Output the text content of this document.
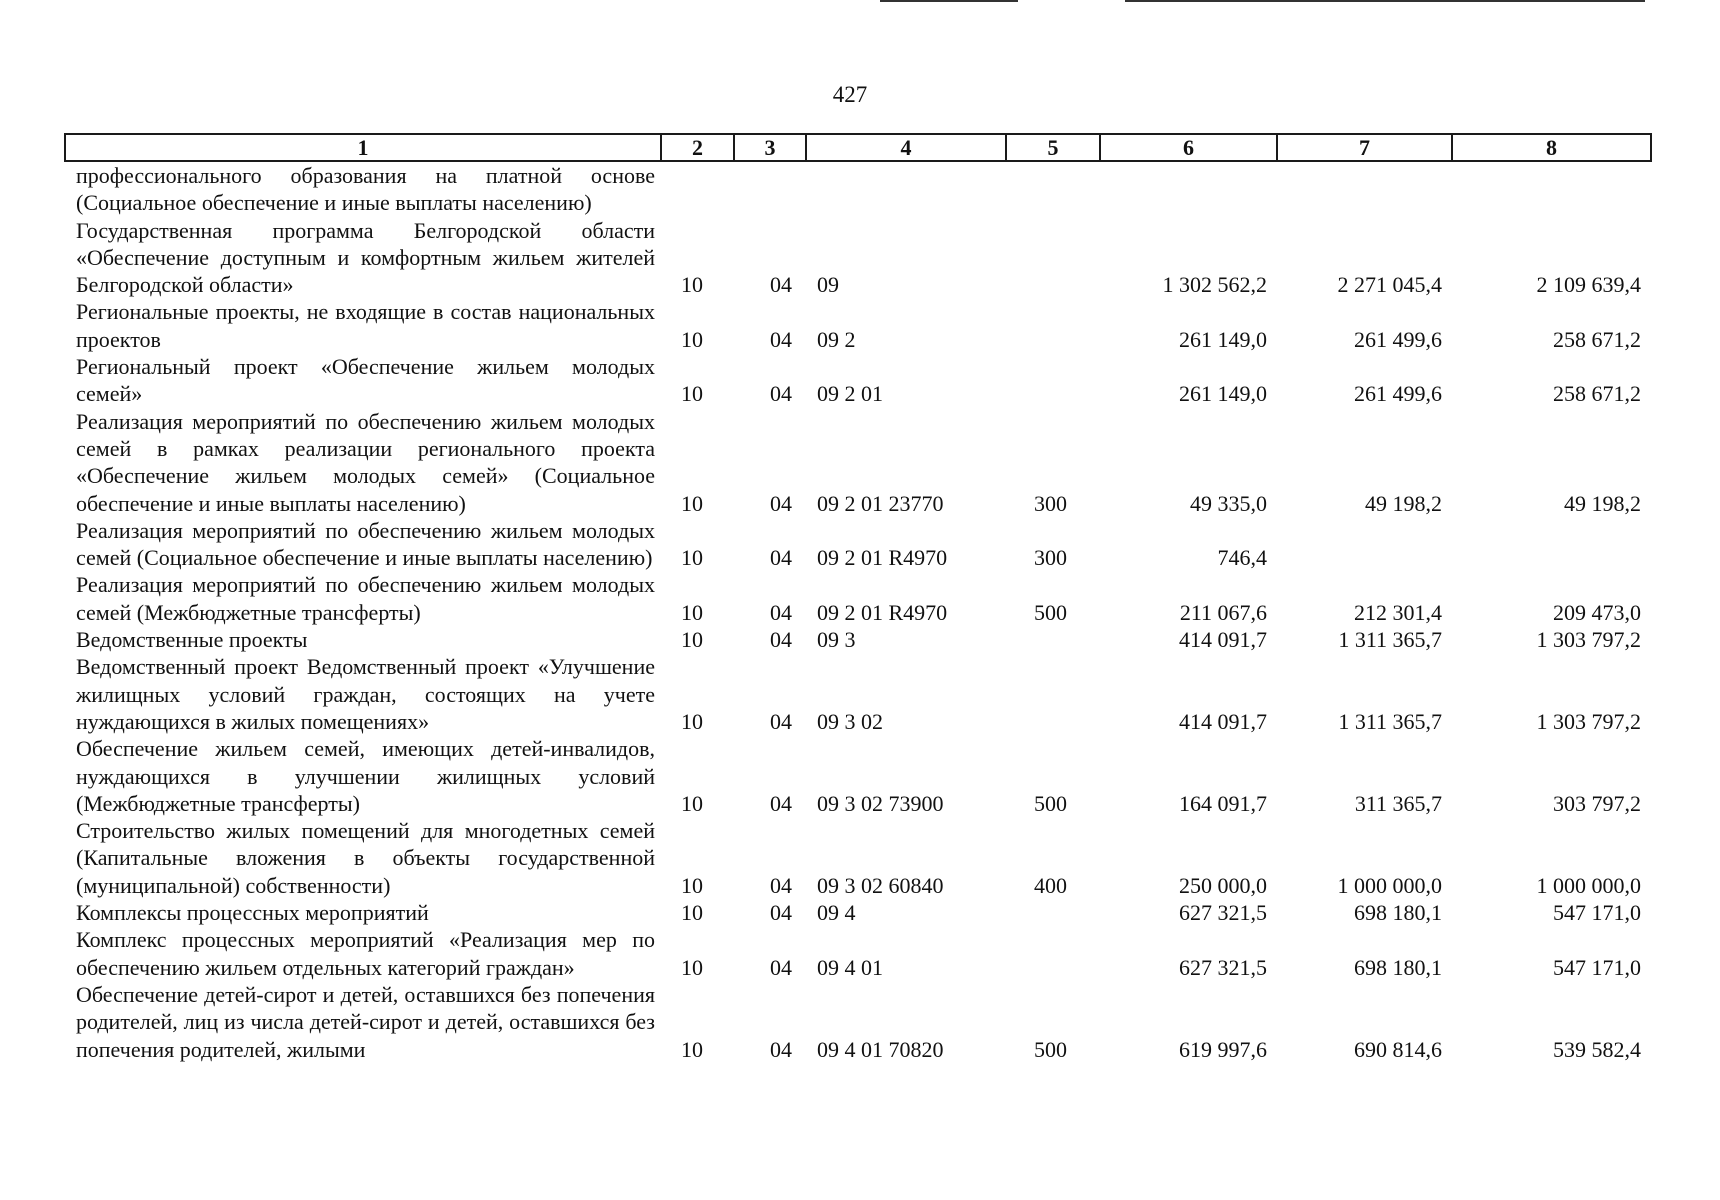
427
1	2	3	4	5	6	7	8
профессионального образования на платной основе (Социальное обеспечение и иные выплаты населению)							
Государственная программа Белгородской области «Обеспечение доступным и комфортным жильем жителей Белгородской области»	10	04	09		1 302 562,2	2 271 045,4	2 109 639,4
Региональные проекты, не входящие в состав национальных проектов	10	04	09 2		261 149,0	261 499,6	258 671,2
Региональный проект «Обеспечение жильем молодых семей»	10	04	09 2 01		261 149,0	261 499,6	258 671,2
Реализация мероприятий по обеспечению жильем молодых семей в рамках реализации регионального проекта «Обеспечение жильем молодых семей» (Социальное обеспечение и иные выплаты населению)	10	04	09 2 01 23770	300	49 335,0	49 198,2	49 198,2
Реализация мероприятий по обеспечению жильем молодых семей (Социальное обеспечение и иные выплаты населению)	10	04	09 2 01 R4970	300	746,4		
Реализация мероприятий по обеспечению жильем молодых семей (Межбюджетные трансферты)	10	04	09 2 01 R4970	500	211 067,6	212 301,4	209 473,0
Ведомственные проекты	10	04	09 3		414 091,7	1 311 365,7	1 303 797,2
Ведомственный проект Ведомственный проект «Улучшение жилищных условий граждан, состоящих на учете нуждающихся в жилых помещениях»	10	04	09 3 02		414 091,7	1 311 365,7	1 303 797,2
Обеспечение жильем семей, имеющих детей-инвалидов, нуждающихся в улучшении жилищных условий (Межбюджетные трансферты)	10	04	09 3 02 73900	500	164 091,7	311 365,7	303 797,2
Строительство жилых помещений для многодетных семей (Капитальные вложения в объекты государственной (муниципальной) собственности)	10	04	09 3 02 60840	400	250 000,0	1 000 000,0	1 000 000,0
Комплексы процессных мероприятий	10	04	09 4		627 321,5	698 180,1	547 171,0
Комплекс процессных мероприятий «Реализация мер по обеспечению жильем отдельных категорий граждан»	10	04	09 4 01		627 321,5	698 180,1	547 171,0
Обеспечение детей-сирот и детей, оставшихся без попечения родителей, лиц из числа детей-сирот и детей, оставшихся без попечения родителей, жилыми	10	04	09 4 01 70820	500	619 997,6	690 814,6	539 582,4
